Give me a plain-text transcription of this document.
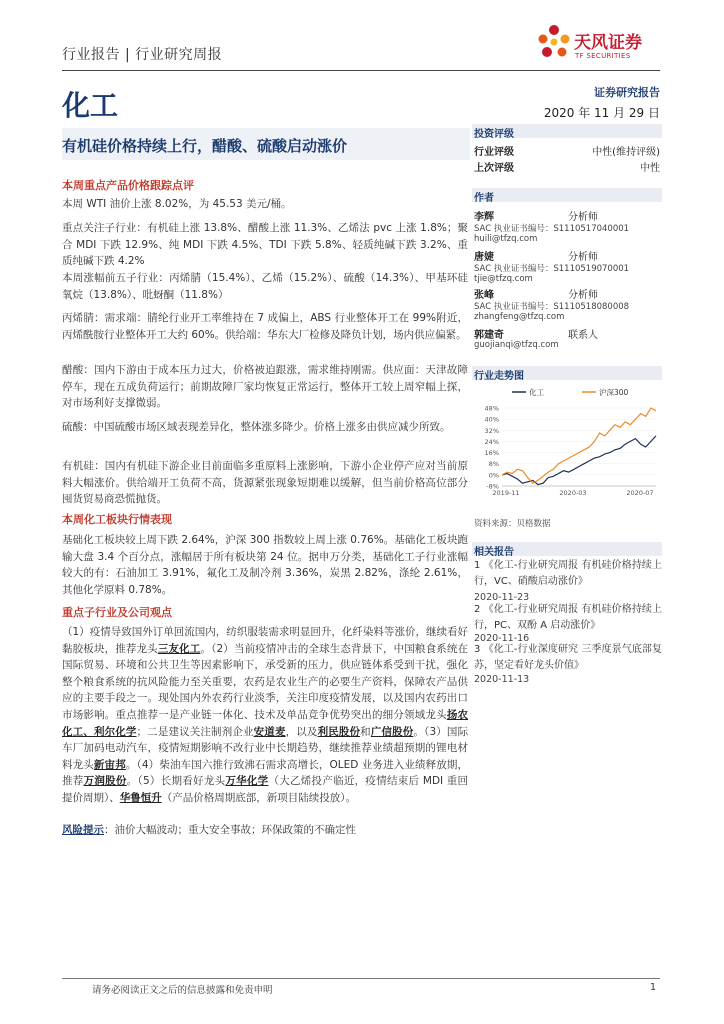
行业报告 | 行业研究周报
天风证券
TF SECURITIES
化工	证券研究报告
2020 年 11 月 29 日
有机硅价格持续上行，醋酸、硫酸启动涨价
投资评级
行业评级	中性(维持评级)
上次评级	中性
作者
李辉	分析师
SAC 执业证书编号：S1110517040001
huili@tfzq.com
唐婕	分析师
SAC 执业证书编号：S1110519070001
tjie@tfzq.com
张峰	分析师
SAC 执业证书编号：S1110518080008
zhangfeng@tfzq.com
郭建奇	联系人
guojianqi@tfzq.com
行业走势图
化工	沪深300
48%
40%
32%
24%
16%
8%
0%
-8%
2019-11	2020-03	2020-07
资料来源：贝格数据
相关报告
1 《化工-行业研究周报 有机硅价格持续上行，VC、硝酸启动涨价》
2020-11-23
2 《化工-行业研究周报 有机硅价格持续上行，PC、双酚 A 启动涨价》
2020-11-16
3 《化工-行业深度研究 三季度景气底部复苏，坚定看好龙头价值》
2020-11-13
本周重点产品价格跟踪点评
本周 WTI 油价上涨 8.02%，为 45.53 美元/桶。
重点关注子行业：有机硅上涨 13.8%、醋酸上涨 11.3%、乙烯法 pvc 上涨 1.8%；聚合 MDI 下跌 12.9%、纯 MDI 下跌 4.5%、TDI 下跌 5.8%、轻质纯碱下跌 3.2%、重质纯碱下跌 4.2%
本周涨幅前五子行业：丙烯腈（15.4%）、乙烯（15.2%）、硫酸（14.3%）、甲基环硅氧烷（13.8%）、吡蚜酮（11.8%）
丙烯腈：需求端：腈纶行业开工率维持在 7 成偏上，ABS 行业整体开工在 99%附近，丙烯酰胺行业整体开工大约 60%。供给端：华东大厂检修及降负计划，场内供应偏紧。
醋酸：国内下游由于成本压力过大，价格被迫跟涨，需求维持刚需。供应面：天津故障停车，现在五成负荷运行；前期故障厂家均恢复正常运行，整体开工较上周窄幅上探，对市场利好支撑微弱。
硫酸：中国硫酸市场区域表现差异化，整体涨多降少。价格上涨多由供应减少所致。
有机硅：国内有机硅下游企业目前面临多重原料上涨影响，下游小企业停产应对当前原料大幅涨价。供给端开工负荷不高，货源紧张现象短期难以缓解，但当前价格高位部分囤货贸易商恐慌抛货。
本周化工板块行情表现
基础化工板块较上周下跌 2.64%，沪深 300 指数较上周上涨 0.76%。基础化工板块跑输大盘 3.4 个百分点，涨幅居于所有板块第 24 位。据申万分类，基础化工子行业涨幅较大的有：石油加工 3.91%，氟化工及制冷剂 3.36%，炭黑 2.82%，涤纶 2.61%，其他化学原料 0.78%。
重点子行业及公司观点
（1）疫情导致国外订单回流国内，纺织服装需求明显回升，化纤染料等涨价，继续看好黏胶板块，推荐龙头三友化工。（2）当前疫情冲击的全球生态背景下，中国粮食系统在国际贸易、环境和公共卫生等因素影响下，承受新的压力，供应链体系受到干扰，强化整个粮食系统的抗风险能力至关重要，农药是农业生产的必要生产资料，保障农产品供应的主要手段之一。现处国内外农药行业淡季，关注印度疫情发展，以及国内农药出口市场影响。重点推荐一是产业链一体化、技术及单品竞争优势突出的细分领域龙头扬农化工、利尔化学；二是建议关注制剂企业安道麦，以及利民股份和广信股份。（3）国际车厂加码电动汽车，疫情短期影响不改行业中长期趋势，继续推荐业绩超预期的锂电材料龙头新宙邦。（4）柴油车国六推行致沸石需求高增长，OLED 业务进入业绩释放期，推荐万润股份。（5）长期看好龙头万华化学（大乙烯投产临近，疫情结束后 MDI 重回提价周期）、华鲁恒升（产品价格周期底部，新项目陆续投放）。
风险提示：油价大幅波动；重大安全事故；环保政策的不确定性
请务必阅读正文之后的信息披露和免责申明	1
